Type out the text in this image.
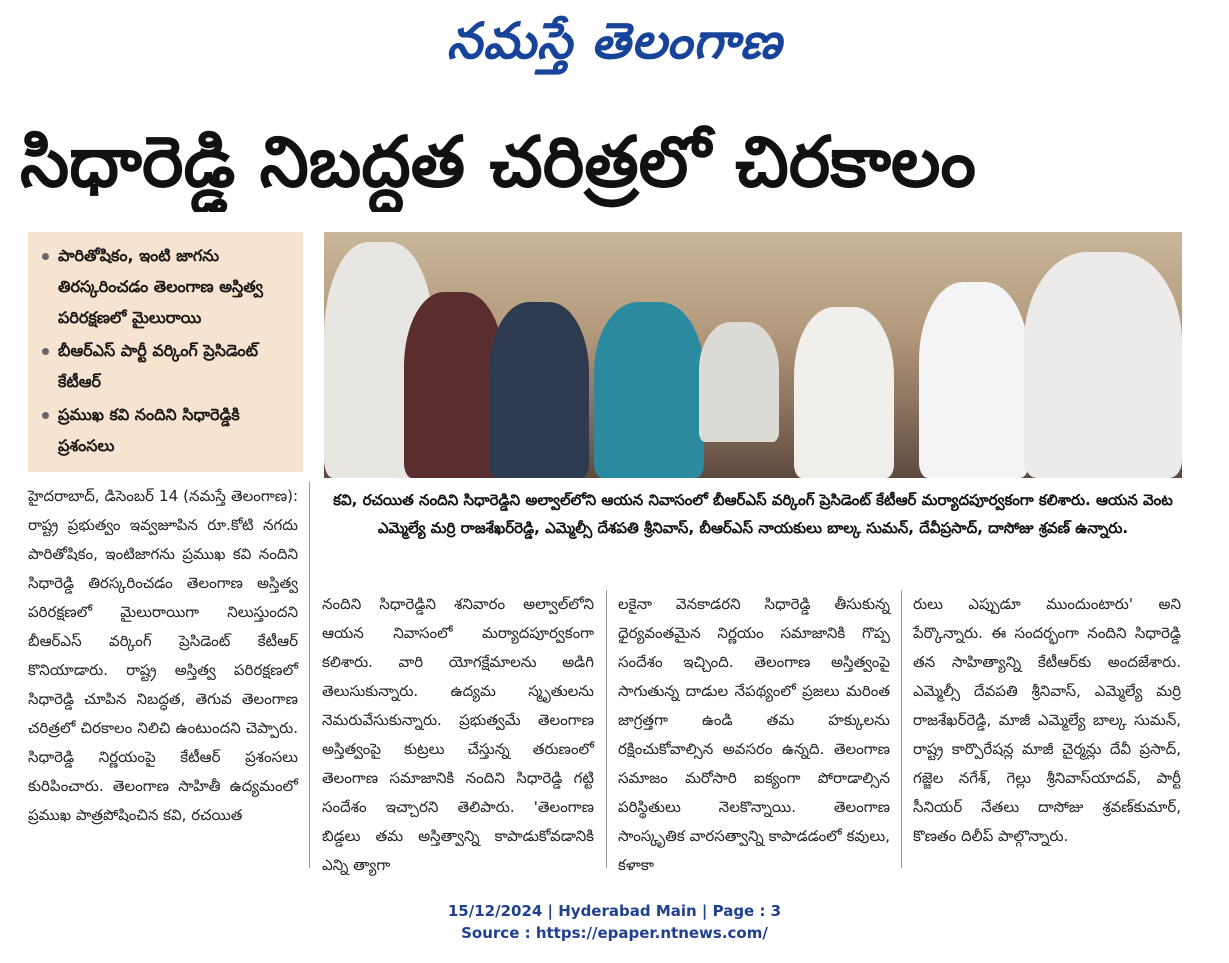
నమస్తే తెలంగాణ
సిధారెడ్డి నిబద్ధత చరిత్రలో చిరకాలం
పారితోషికం, ఇంటి జాగను తిరస్కరించడం తెలంగాణ అస్తిత్వ పరిరక్షణలో మైలురాయి
బీఆర్ఎస్ పార్టీ వర్కింగ్ ప్రెసిడెంట్ కేటీఆర్
ప్రముఖ కవి నందిని సిధారెడ్డికి ప్రశంసలు
కవి, రచయిత నందిని సిధారెడ్డిని అల్వాల్‌లోని ఆయన నివాసంలో బీఆర్ఎస్ వర్కింగ్ ప్రెసిడెంట్ కేటీఆర్ మర్యాదపూర్వకంగా కలిశారు. ఆయన వెంట ఎమ్మెల్యే మర్రి రాజశేఖర్‌రెడ్డి, ఎమ్మెల్సీ దేశపతి శ్రీనివాస్, బీఆర్ఎస్ నాయకులు బాల్క సుమన్, దేవీప్రసాద్, దాసోజు శ్రవణ్ ఉన్నారు.
హైదరాబాద్, డిసెంబర్ 14 (నమస్తే తెలంగాణ): రాష్ట్ర ప్రభుత్వం ఇవ్వజూపిన రూ.కోటి నగదు పారితోషికం, ఇంటిజాగను ప్రముఖ కవి నందిని సిధారెడ్డి తిరస్కరించడం తెలంగాణ అస్తిత్వ పరిరక్షణలో మైలురాయిగా నిలుస్తుందని బీఆర్ఎస్ వర్కింగ్ ప్రెసిడెంట్ కేటీఆర్ కొనియాడారు. రాష్ట్ర అస్తిత్వ పరిరక్షణలో సిధారెడ్డి చూపిన నిబద్ధత, తెగువ తెలంగాణ చరిత్రలో చిరకాలం నిలిచి ఉంటుందని చెప్పారు. సిధారెడ్డి నిర్ణయంపై కేటీఆర్ ప్రశంసలు కురిపించారు. తెలంగాణ సాహితీ ఉద్యమంలో ప్రముఖ పాత్రపోషించిన కవి, రచయిత
నందిని సిధారెడ్డిని శనివారం అల్వాల్‌లోని ఆయన నివాసంలో మర్యాదపూర్వకంగా కలిశారు. వారి యోగక్షేమాలను అడిగి తెలుసుకున్నారు. ఉద్యమ స్మృతులను నెమరువేసుకున్నారు. ప్రభుత్వమే తెలంగాణ అస్తిత్వంపై కుట్రలు చేస్తున్న తరుణంలో తెలంగాణ సమాజానికి నందిని సిధారెడ్డి గట్టి సందేశం ఇచ్చారని తెలిపారు. 'తెలంగాణ బిడ్డలు తమ అస్తిత్వాన్ని కాపాడుకోవడానికి ఎన్ని త్యాగా
లకైనా వెనకాడరని సిధారెడ్డి తీసుకున్న ధైర్యవంతమైన నిర్ణయం సమాజానికి గొప్ప సందేశం ఇచ్చింది. తెలంగాణ అస్తిత్వంపై సాగుతున్న దాడుల నేపథ్యంలో ప్రజలు మరింత జాగ్రత్తగా ఉండి తమ హక్కులను రక్షించుకోవాల్సిన అవసరం ఉన్నది. తెలంగాణ సమాజం మరోసారి ఐక్యంగా పోరాడాల్సిన పరిస్థితులు నెలకొన్నాయి. తెలంగాణ సాంస్కృతిక వారసత్వాన్ని కాపాడడంలో కవులు, కళాకా
రులు ఎప్పుడూ ముందుంటారు' అని పేర్కొన్నారు. ఈ సందర్భంగా నందిని సిధారెడ్డి తన సాహిత్యాన్ని కేటీఆర్‌కు అందజేశారు. ఎమ్మెల్సీ దేవపతి శ్రీనివాస్, ఎమ్మెల్యే మర్రి రాజశేఖర్‌రెడ్డి, మాజీ ఎమ్మెల్యే బాల్క సుమన్, రాష్ట్ర కార్పొరేషన్ల మాజీ చైర్మన్లు దేవీ ప్రసాద్, గజ్జెల నగేశ్, గెల్లు శ్రీనివాస్‌యాదవ్, పార్టీ సీనియర్ నేతలు దాసోజు శ్రవణ్‌కుమార్, కొణతం దిలీప్ పాల్గొన్నారు.
15/12/2024 | Hyderabad Main | Page : 3
Source : https://epaper.ntnews.com/
